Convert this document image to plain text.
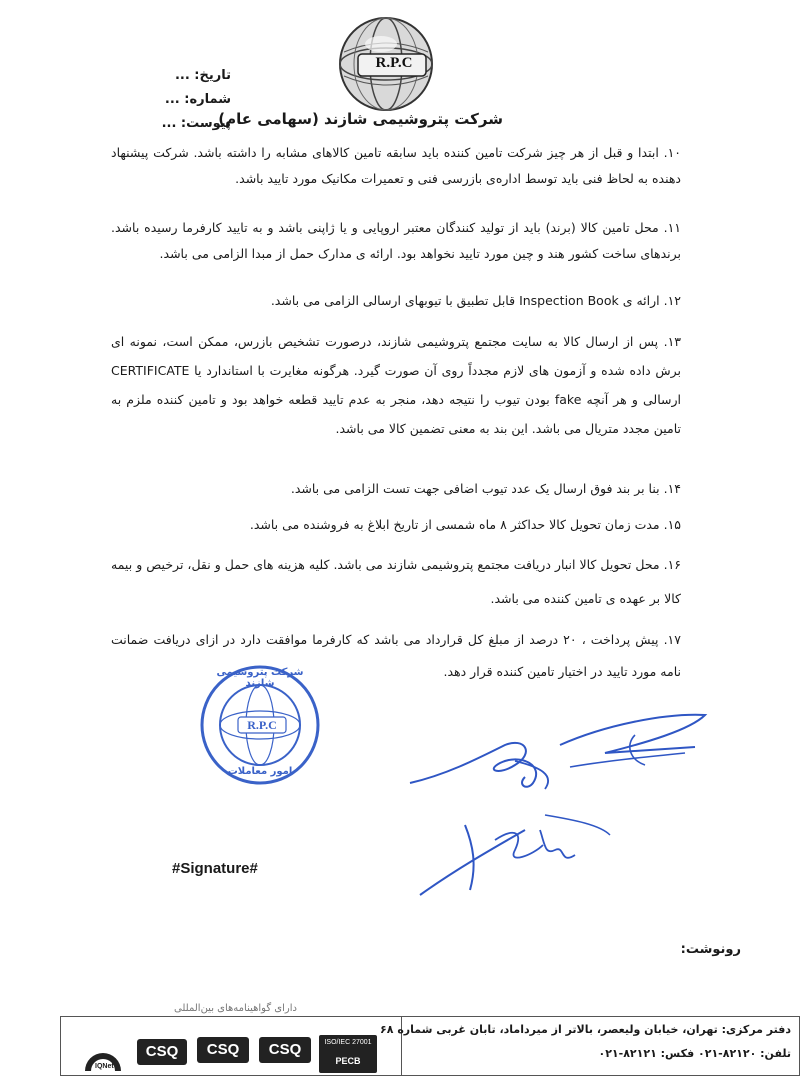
R.P.C
تاریخ: ...
شماره: ...
پیوست: ...
شرکت پتروشیمی شازند (سهامی عام)
۱۰. ابتدا و قبل از هر چیز شرکت تامین کننده باید سابقه تامین کالاهای مشابه را داشته باشد. شرکت پیشنهاد دهنده به لحاظ فنی باید توسط اداره‌ی بازرسی فنی و تعمیرات مکانیک مورد تایید باشد.
۱۱. محل تامین کالا (برند) باید از تولید کنندگان معتبر اروپایی و یا ژاپنی باشد و به تایید کارفرما رسیده باشد. برندهای ساخت کشور هند و چین مورد تایید نخواهد بود. ارائه ی مدارک حمل از مبدا الزامی می باشد.
۱۲. ارائه ی Inspection Book قابل تطبیق با تیوبهای ارسالی الزامی می باشد.
۱۳. پس از ارسال کالا به سایت مجتمع پتروشیمی شازند، درصورت تشخیص بازرس، ممکن است، نمونه ای برش داده شده و آزمون های لازم مجدداً روی آن صورت گیرد. هرگونه مغایرت با استاندارد یا CERTIFICATE ارسالی و هر آنچه fake بودن تیوب را نتیجه دهد، منجر به عدم تایید قطعه خواهد بود و تامین کننده ملزم به تامین مجدد متریال می باشد. این بند به معنی تضمین کالا می باشد.
۱۴. بنا بر بند فوق ارسال یک عدد تیوب اضافی جهت تست الزامی می باشد.
۱۵. مدت زمان تحویل کالا حداکثر ۸ ماه شمسی از تاریخ ابلاغ به فروشنده می باشد.
۱۶. محل تحویل کالا انبار دریافت مجتمع پتروشیمی شازند می باشد. کلیه هزینه های حمل و نقل، ترخیص و بیمه کالا بر عهده ی تامین کننده می باشد.
۱۷. پیش پرداخت ، ۲۰ درصد از مبلغ کل قرارداد می باشد که کارفرما موافقت دارد در ازای دریافت ضمانت نامه مورد تایید در اختیار تامین کننده قرار دهد.
R.P.C
شرکت پتروشیمی شازند
امور معاملات
#Signature#
رونوشت:
دفتر مرکزی: تهران، خیابان ولیعصر، بالاتر از میرداماد، تابان غربی شماره ۶۸
تلفن: ۸۲۱۲۰-۰۲۱ فکس: ۸۲۱۲۱-۰۲۱
دارای گواهینامه‌های بین‌المللی
IQNet
CSQ	CSQ	CSQ	ISO/IEC 27001
PECB
